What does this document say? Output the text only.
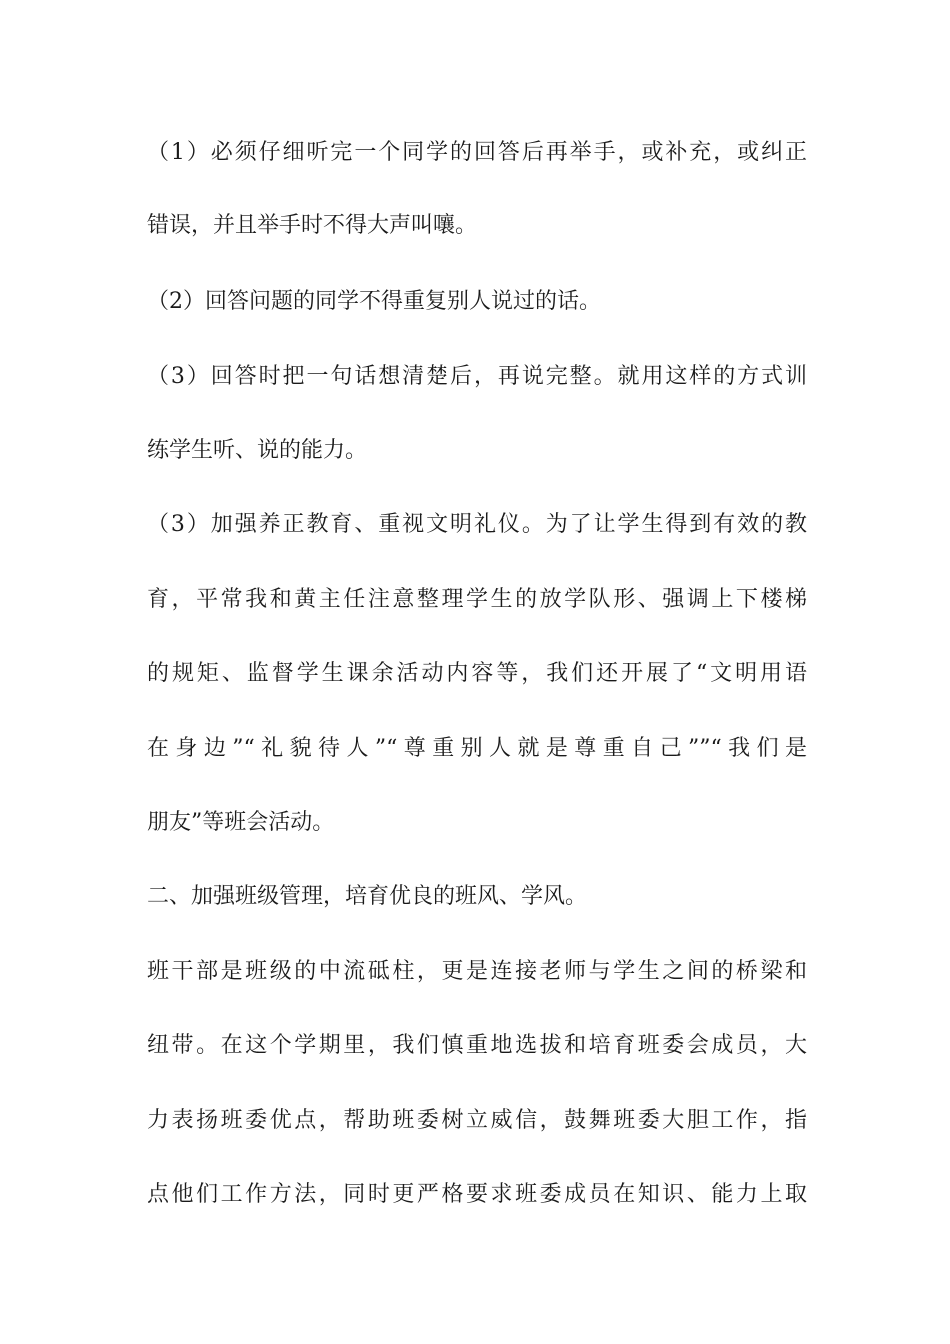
（1）必须仔细听完一个同学的回答后再举手，或补充，或纠正
错误，并且举手时不得大声叫嚷。
（2）回答问题的同学不得重复别人说过的话。
（3）回答时把一句话想清楚后，再说完整。就用这样的方式训
练学生听、说的能力。
（3）加强养正教育、重视文明礼仪。为了让学生得到有效的教
育，平常我和黄主任注意整理学生的放学队形、强调上下楼梯
的规矩、监督学生课余活动内容等，我们还开展了“文明用语
在身边”“礼貌待人”“尊重别人就是尊重自己””“我们是
朋友”等班会活动。
二、加强班级管理，培育优良的班风、学风。
班干部是班级的中流砥柱，更是连接老师与学生之间的桥梁和
纽带。在这个学期里，我们慎重地选拔和培育班委会成员，大
力表扬班委优点，帮助班委树立威信，鼓舞班委大胆工作，指
点他们工作方法，同时更严格要求班委成员在知识、能力上取
